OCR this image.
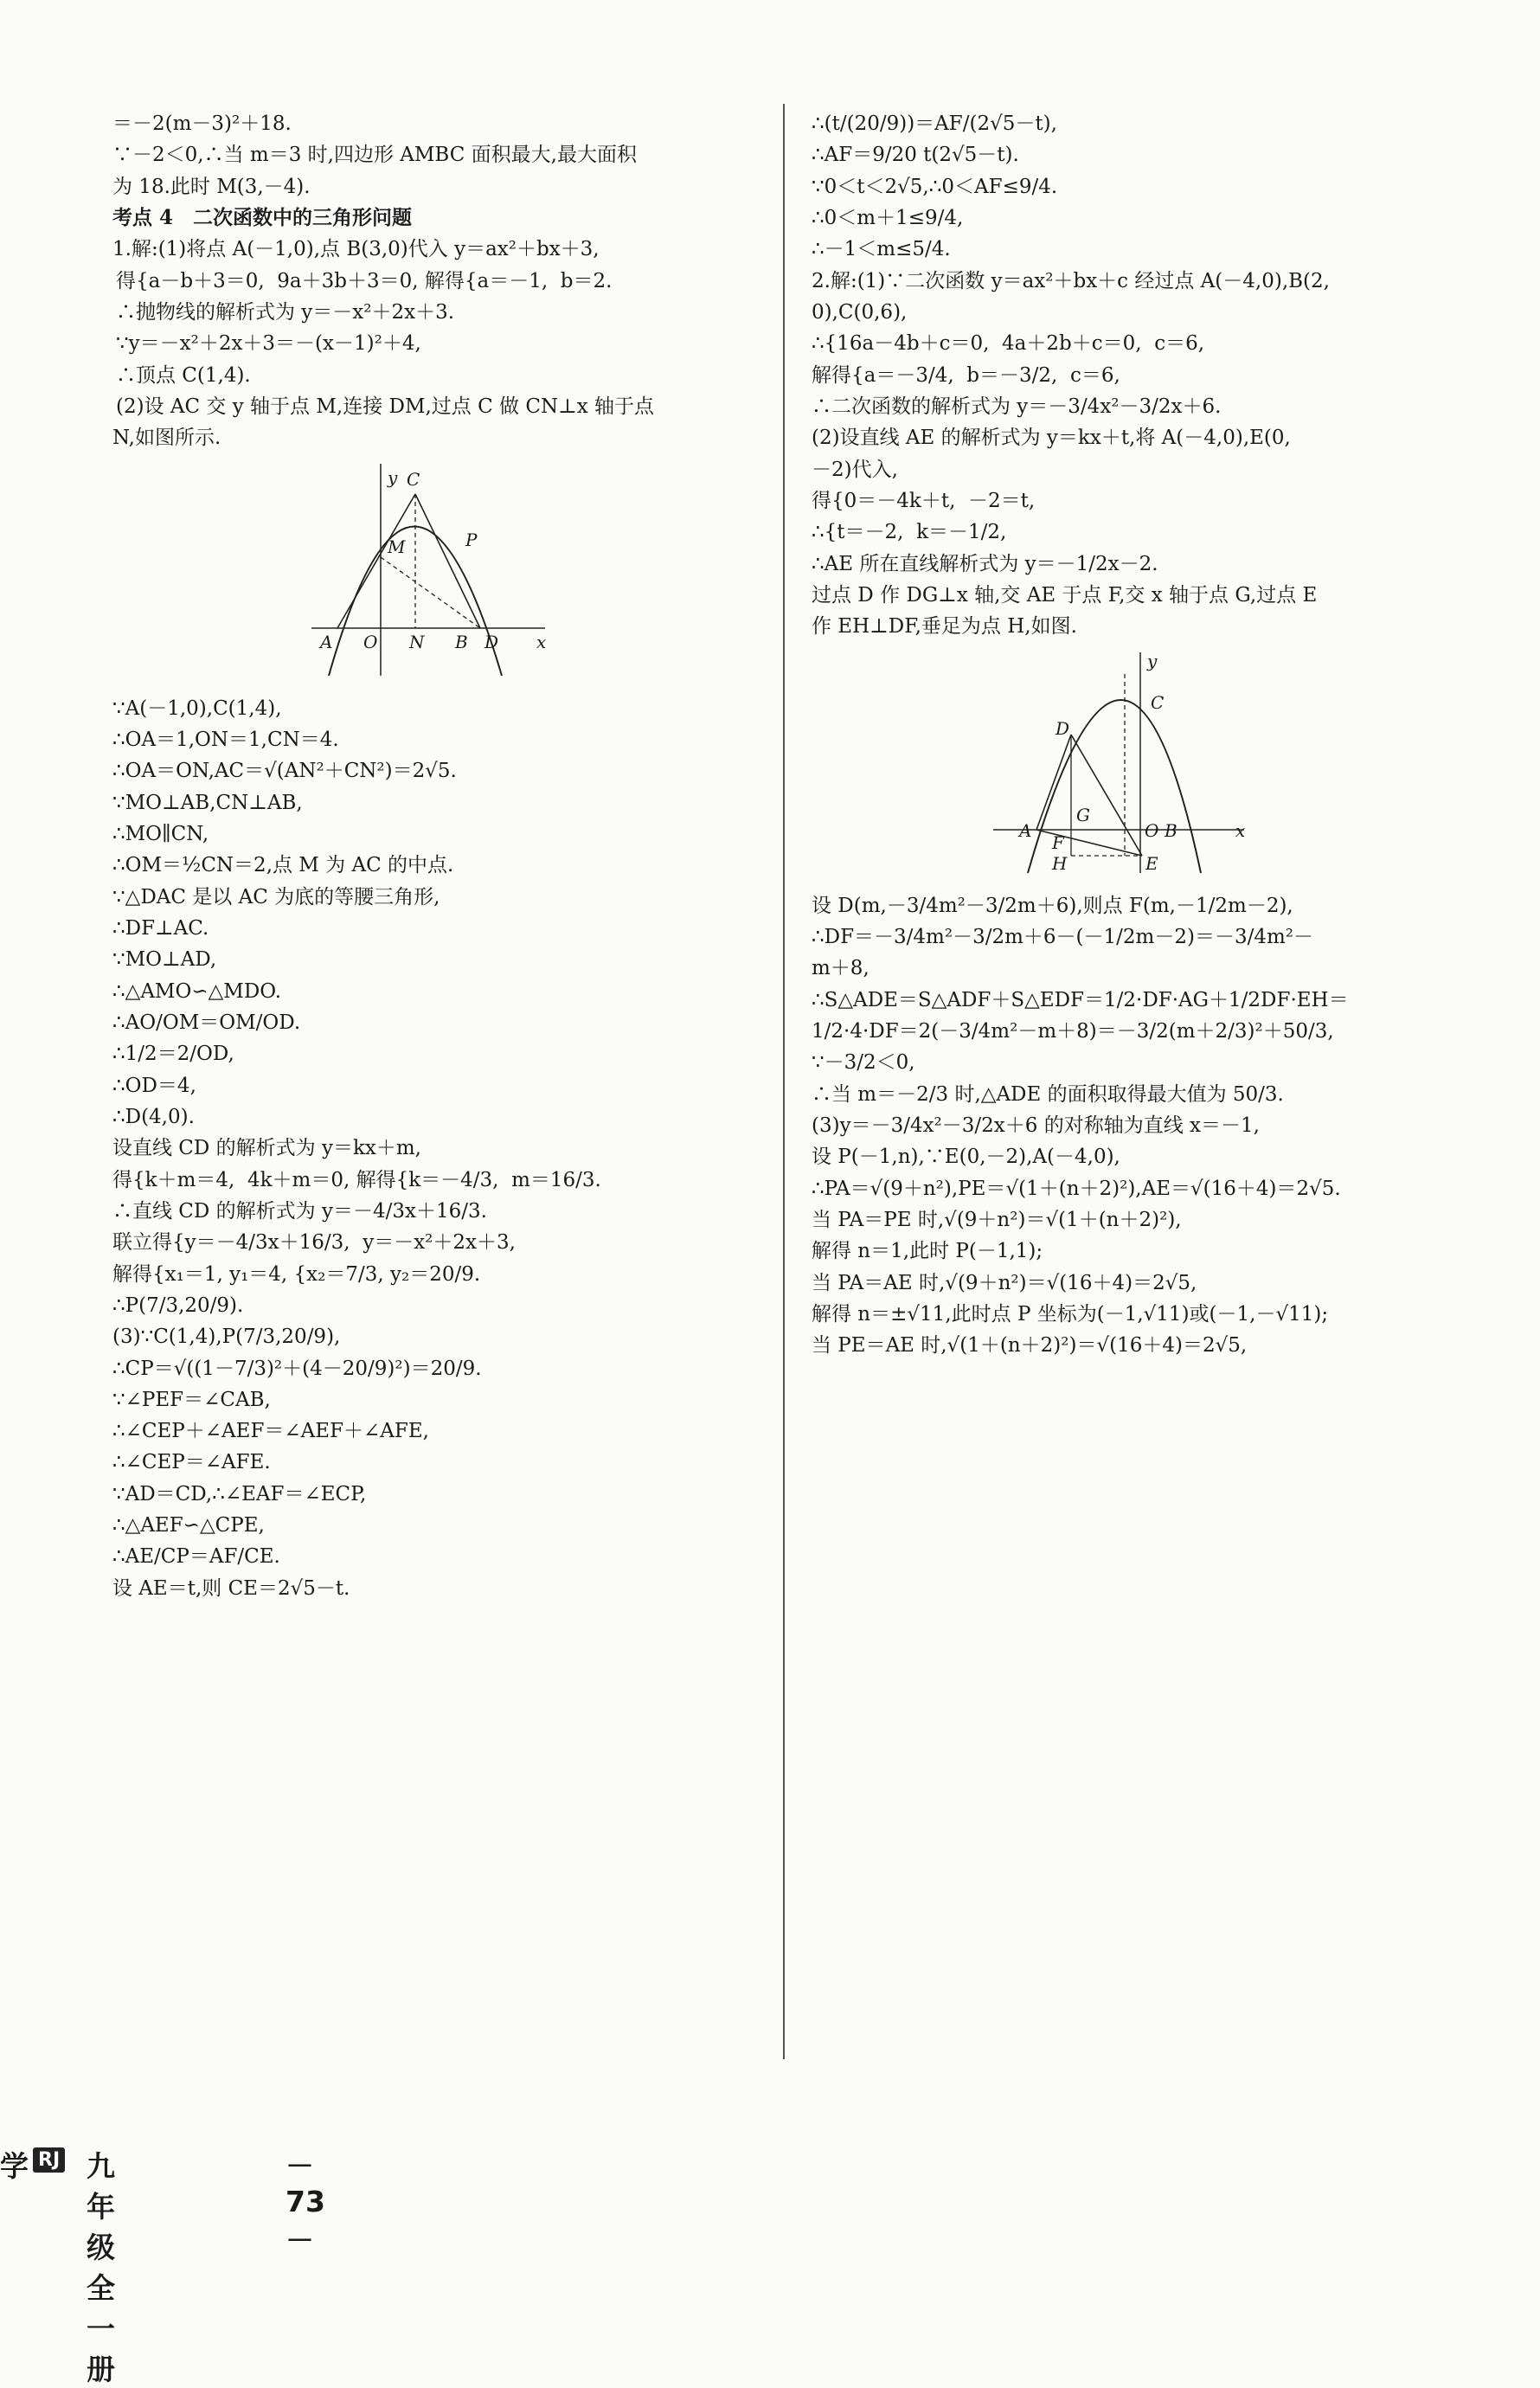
＝－2(m－3)²＋18.
∵－2＜0,∴当 m＝3 时,四边形 AMBC 面积最大,最大面积
为 18.此时 M(3,－4).
考点 4　二次函数中的三角形问题
1.解:(1)将点 A(－1,0),点 B(3,0)代入 y＝ax²＋bx＋3,
得{a－b＋3＝0,  9a＋3b＋3＝0, 解得{a＝－1,  b＝2.
∴抛物线的解析式为 y＝－x²＋2x＋3.
∵y＝－x²＋2x＋3＝－(x－1)²＋4,
∴顶点 C(1,4).
(2)设 AC 交 y 轴于点 M,连接 DM,过点 C 做 CN⊥x 轴于点
N,如图所示.
y C
M	P
A O N B D x
∵A(－1,0),C(1,4),
∴OA＝1,ON＝1,CN＝4.
∴OA＝ON,AC＝√(AN²＋CN²)＝2√5.
∵MO⊥AB,CN⊥AB,
∴MO∥CN,
∴OM＝½CN＝2,点 M 为 AC 的中点.
∵△DAC 是以 AC 为底的等腰三角形,
∴DF⊥AC.
∵MO⊥AD,
∴△AMO∽△MDO.
∴AO/OM＝OM/OD.
∴1/2＝2/OD,
∴OD＝4,
∴D(4,0).
设直线 CD 的解析式为 y＝kx＋m,
得{k＋m＝4,  4k＋m＝0, 解得{k＝－4/3,  m＝16/3.
∴直线 CD 的解析式为 y＝－4/3x＋16/3.
联立得{y＝－4/3x＋16/3,  y＝－x²＋2x＋3,
解得{x₁＝1, y₁＝4, {x₂＝7/3, y₂＝20/9.
∴P(7/3,20/9).
(3)∵C(1,4),P(7/3,20/9),
∴CP＝√((1－7/3)²＋(4－20/9)²)＝20/9.
∵∠PEF＝∠CAB,
∴∠CEP＋∠AEF＝∠AEF＋∠AFE,
∴∠CEP＝∠AFE.
∵AD＝CD,∴∠EAF＝∠ECP,
∴△AEF∽△CPE,
∴AE/CP＝AF/CE.
设 AE＝t,则 CE＝2√5－t.
∴(t/(20/9))＝AF/(2√5－t),
∴AF＝9/20 t(2√5－t).
∵0＜t＜2√5,∴0＜AF≤9/4.
∴0＜m＋1≤9/4,
∴－1＜m≤5/4.
2.解:(1)∵二次函数 y＝ax²＋bx＋c 经过点 A(－4,0),B(2,
0),C(0,6),
∴{16a－4b＋c＝0,  4a＋2b＋c＝0,  c＝6,
解得{a＝－3/4,  b＝－3/2,  c＝6,
∴二次函数的解析式为 y＝－3/4x²－3/2x＋6.
(2)设直线 AE 的解析式为 y＝kx＋t,将 A(－4,0),E(0,
－2)代入,
得{0＝－4k＋t,  －2＝t,
∴{t＝－2,  k＝－1/2,
∴AE 所在直线解析式为 y＝－1/2x－2.
过点 D 作 DG⊥x 轴,交 AE 于点 F,交 x 轴于点 G,过点 E
作 EH⊥DF,垂足为点 H,如图.
y
C
D
G
A
F
O B
H	E
x
设 D(m,－3/4m²－3/2m＋6),则点 F(m,－1/2m－2),
∴DF＝－3/4m²－3/2m＋6－(－1/2m－2)＝－3/4m²－
m＋8,
∴S△ADE＝S△ADF＋S△EDF＝1/2·DF·AG＋1/2DF·EH＝
1/2·4·DF＝2(－3/4m²－m＋8)＝－3/2(m＋2/3)²＋50/3,
∵－3/2＜0,
∴当 m＝－2/3 时,△ADE 的面积取得最大值为 50/3.
(3)y＝－3/4x²－3/2x＋6 的对称轴为直线 x＝－1,
设 P(－1,n),∵E(0,－2),A(－4,0),
∴PA＝√(9＋n²),PE＝√(1＋(n＋2)²),AE＝√(16＋4)＝2√5.
当 PA＝PE 时,√(9＋n²)＝√(1＋(n＋2)²),
解得 n＝1,此时 P(－1,1);
当 PA＝AE 时,√(9＋n²)＝√(16＋4)＝2√5,
解得 n＝±√11,此时点 P 坐标为(－1,√11)或(－1,－√11);
当 PE＝AE 时,√(1＋(n＋2)²)＝√(16＋4)＝2√5,
学 RJ 九年级全一册
－ 73 －
